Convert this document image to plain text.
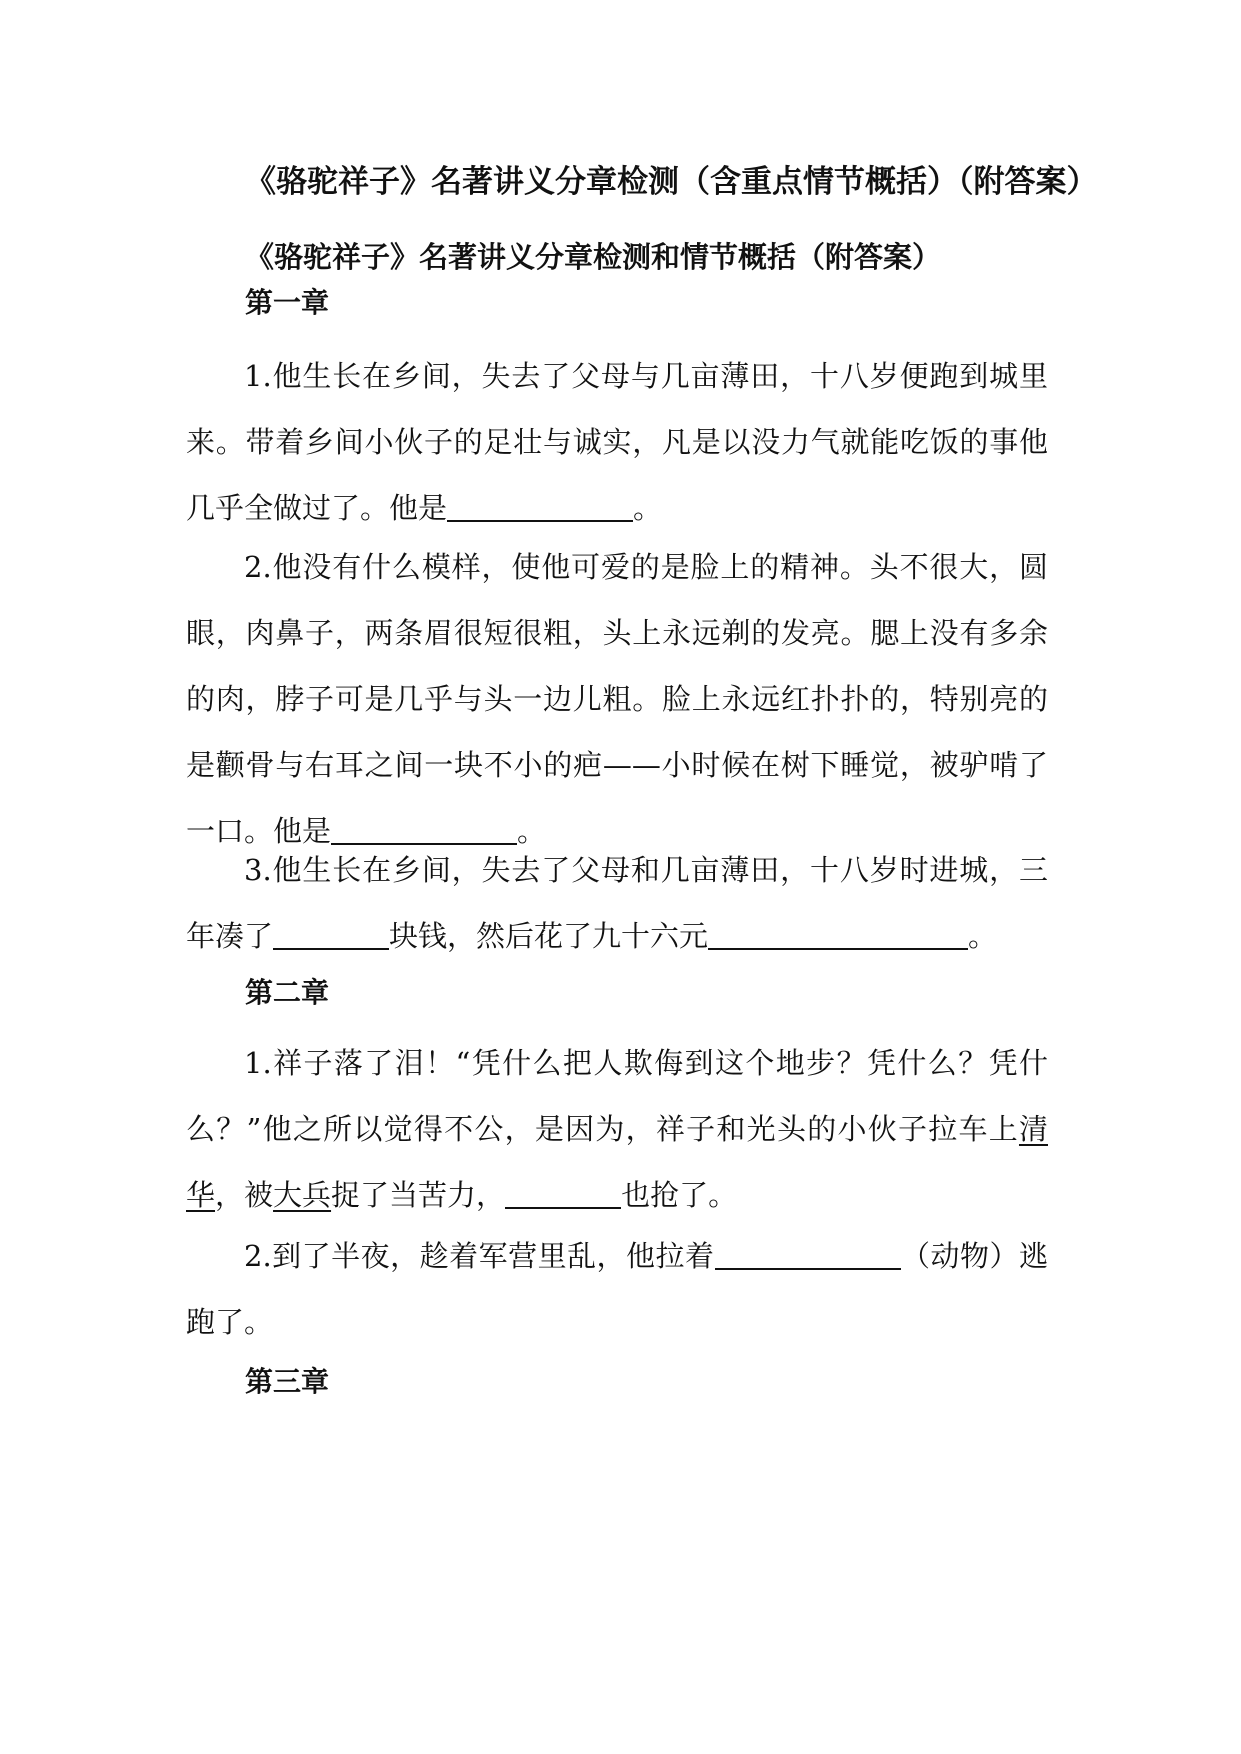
《骆驼祥子》名著讲义分章检测（含重点情节概括）（附答案）
《骆驼祥子》名著讲义分章检测和情节概括（附答案）
第一章

1.他生长在乡间，失去了父母与几亩薄田，十八岁便跑到城里来。带着乡间小伙子的足壮与诚实，凡是以没力气就能吃饭的事他几乎全做过了。他是	。

2.他没有什么模样，使他可爱的是脸上的精神。头不很大，圆眼，肉鼻子，两条眉很短很粗，头上永远剃的发亮。腮上没有多余的肉，脖子可是几乎与头一边儿粗。脸上永远红扑扑的，特别亮的是颧骨与右耳之间一块不小的疤——小时候在树下睡觉，被驴啃了一口。他是	。

3.他生长在乡间，失去了父母和几亩薄田，十八岁时进城，三年凑了	块钱，然后花了九十六元	。

第二章

1.祥子落了泪！“凭什么把人欺侮到这个地步？凭什么？凭什么？”他之所以觉得不公，是因为，祥子和光头的小伙子拉车上清华，被大兵捉了当苦力，	也抢了。

2.到了半夜，趁着军营里乱，他拉着	（动物）逃跑了。

第三章
